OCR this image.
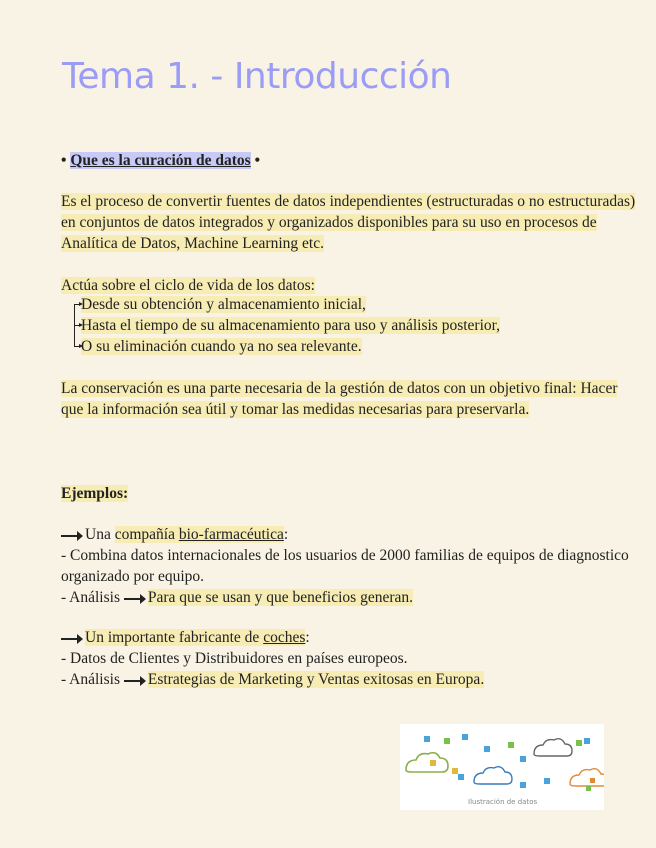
Tema 1. - Introducción
• Que es la curación de datos •
Es el proceso de convertir fuentes de datos independientes (estructuradas o no estructuradas) en conjuntos de datos integrados y organizados disponibles para su uso en procesos de Analítica de Datos, Machine Learning etc.
Actúa sobre el ciclo de vida de los datos:
Desde su obtención y almacenamiento inicial,
Hasta el tiempo de su almacenamiento para uso y análisis posterior,
O su eliminación cuando ya no sea relevante.
La conservación es una parte necesaria de la gestión de datos con un objetivo final: Hacer que la información sea útil y tomar las medidas necesarias para preservarla.
Ejemplos:
Una compañía bio-farmacéutica:
- Combina datos internacionales de los usuarios de 2000 familias de equipos de diagnostico organizado por equipo.
- Análisis Para que se usan y que beneficios generan.
Un importante fabricante de coches:
- Datos de Clientes y Distribuidores en países europeos.
- Análisis Estrategias de Marketing y Ventas exitosas en Europa.
Ilustración de datos
